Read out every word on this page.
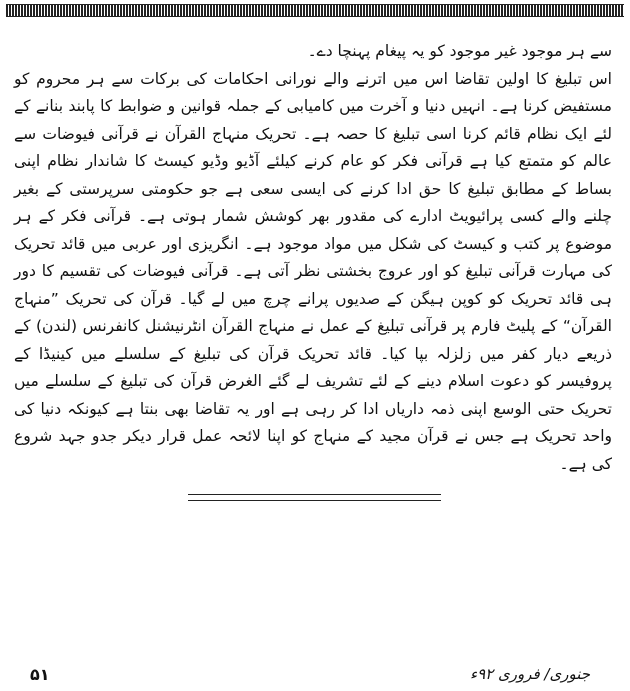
سے ہر موجود غیر موجود کو یہ پیغام پہنچا دے۔

اس تبلیغ کا اولین تقاضا اس میں اترنے والے نورانی احکامات کی برکات سے ہر محروم کو مستفیض کرنا ہے۔ انہیں دنیا و آخرت میں کامیابی کے جملہ قوانین و ضوابط کا پابند بنانے کے لئے ایک نظام قائم کرنا اسی تبلیغ کا حصہ ہے۔ تحریک منہاج القرآن نے قرآنی فیوضات سے عالم کو متمتع کیا ہے قرآنی فکر کو عام کرنے کیلئے آڈیو وڈیو کیسٹ کا شاندار نظام اپنی بساط کے مطابق تبلیغ کا حق ادا کرنے کی ایسی سعی ہے جو حکومتی سرپرستی کے بغیر چلنے والے کسی پرائیویٹ ادارے کی مقدور بھر کوشش شمار ہوتی ہے۔ قرآنی فکر کے ہر موضوع پر کتب و کیسٹ کی شکل میں مواد موجود ہے۔ انگریزی اور عربی میں قائد تحریک کی مہارت قرآنی تبلیغ کو اور عروج بخشتی نظر آتی ہے۔ قرآنی فیوضات کی تقسیم کا دور ہی قائد تحریک کو کوپن ہیگن کے صدیوں پرانے چرچ میں لے گیا۔ قرآن کی تحریک ”منہاج القرآن“ کے پلیٹ فارم پر قرآنی تبلیغ کے عمل نے منہاج القرآن انٹرنیشنل کانفرنس (لندن) کے ذریعے دیار کفر میں زلزلہ بپا کیا۔ قائد تحریک قرآن کی تبلیغ کے سلسلے میں کینیڈا کے پروفیسر کو دعوت اسلام دینے کے لئے تشریف لے گئے الغرض قرآن کی تبلیغ کے سلسلے میں تحریک حتی الوسع اپنی ذمہ داریاں ادا کر رہی ہے اور یہ تقاضا بھی بنتا ہے کیونکہ دنیا کی واحد تحریک ہے جس نے قرآن مجید کے منہاج کو اپنا لائحہ عمل قرار دیکر جدو جہد شروع کی ہے۔

۵۱	جنوری/ فروری ۹۲ء
